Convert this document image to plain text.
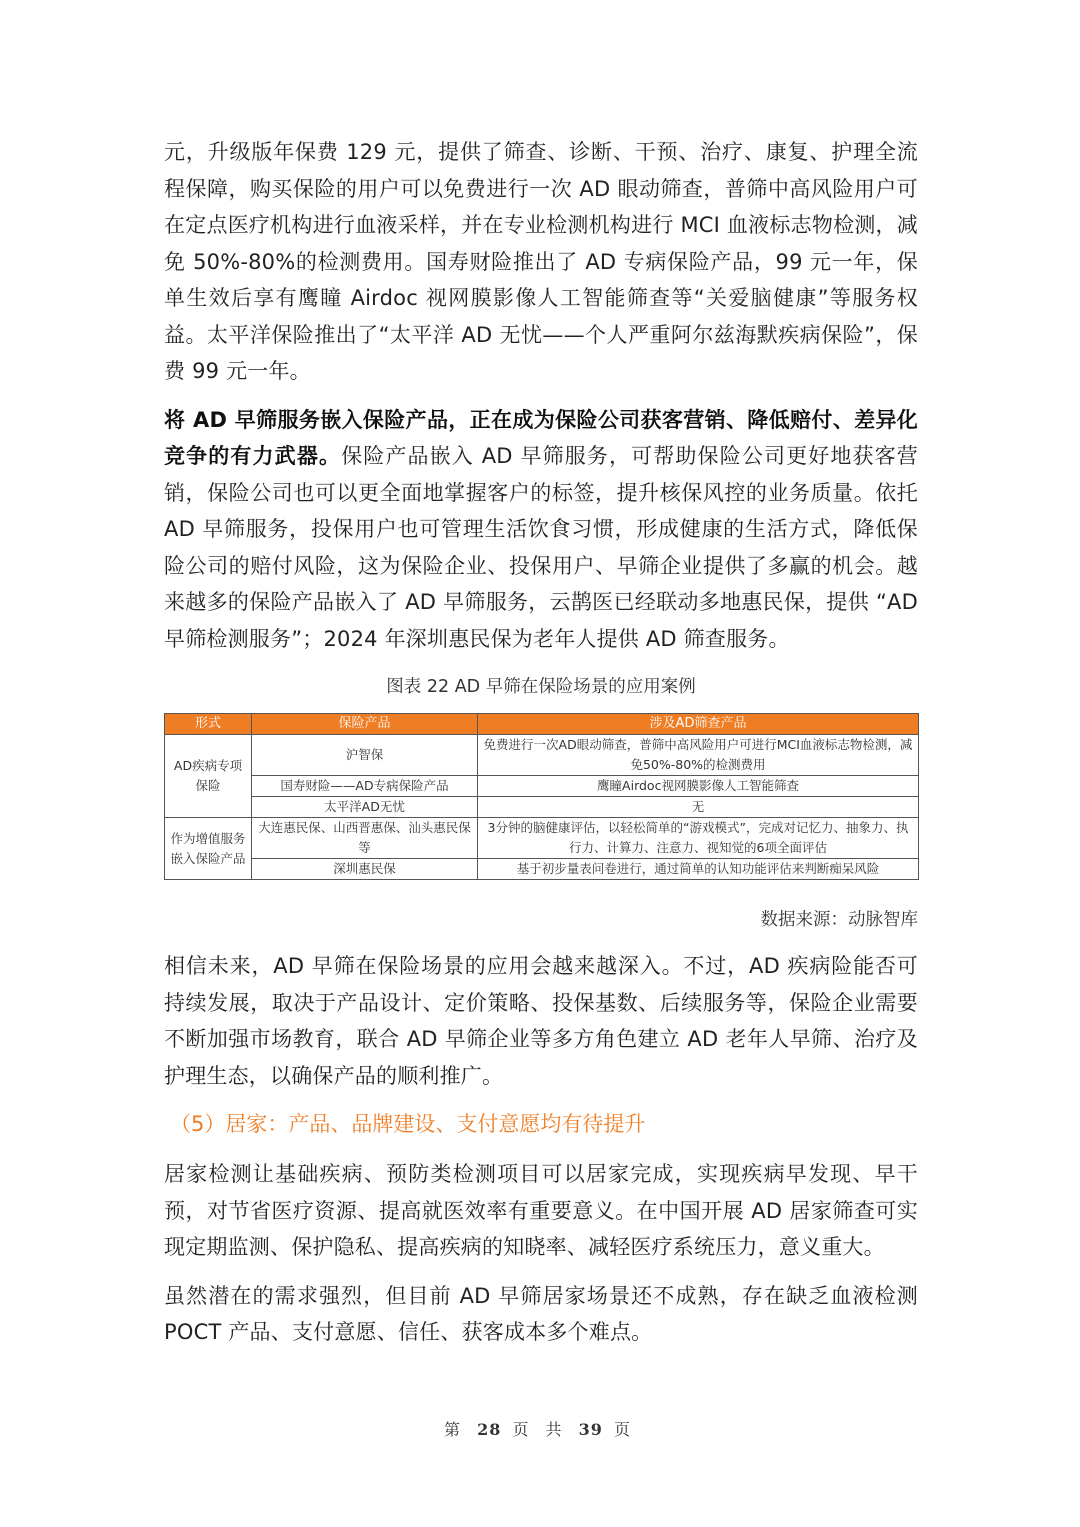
元，升级版年保费 129 元，提供了筛查、诊断、干预、治疗、康复、护理全流程保障，购买保险的用户可以免费进行一次 AD 眼动筛查，普筛中高风险用户可在定点医疗机构进行血液采样，并在专业检测机构进行 MCI 血液标志物检测，减免 50%-80%的检测费用。国寿财险推出了 AD 专病保险产品，99 元一年，保单生效后享有鹰瞳 Airdoc 视网膜影像人工智能筛查等“关爱脑健康”等服务权益。太平洋保险推出了“太平洋 AD 无忧——个人严重阿尔兹海默疾病保险”，保费 99 元一年。

将 AD 早筛服务嵌入保险产品，正在成为保险公司获客营销、降低赔付、差异化竞争的有力武器。保险产品嵌入 AD 早筛服务，可帮助保险公司更好地获客营销，保险公司也可以更全面地掌握客户的标签，提升核保风控的业务质量。依托 AD 早筛服务，投保用户也可管理生活饮食习惯，形成健康的生活方式，降低保险公司的赔付风险，这为保险企业、投保用户、早筛企业提供了多赢的机会。越来越多的保险产品嵌入了 AD 早筛服务，云鹊医已经联动多地惠民保，提供 “AD 早筛检测服务”；2024 年深圳惠民保为老年人提供 AD 筛查服务。

图表 22 AD 早筛在保险场景的应用案例
形式	保险产品	涉及AD筛查产品
AD疾病专项保险	沪智保	免费进行一次AD眼动筛查，普筛中高风险用户可进行MCI血液标志物检测，减免50%-80%的检测费用
	国寿财险——AD专病保险产品	鹰瞳Airdoc视网膜影像人工智能筛查
	太平洋AD无忧	无
作为增值服务嵌入保险产品	大连惠民保、山西晋惠保、汕头惠民保等	3分钟的脑健康评估，以轻松简单的“游戏模式”，完成对记忆力、抽象力、执行力、计算力、注意力、视知觉的6项全面评估
	深圳惠民保	基于初步量表问卷进行，通过简单的认知功能评估来判断痴呆风险
数据来源：动脉智库

相信未来，AD 早筛在保险场景的应用会越来越深入。不过，AD 疾病险能否可持续发展，取决于产品设计、定价策略、投保基数、后续服务等，保险企业需要不断加强市场教育，联合 AD 早筛企业等多方角色建立 AD 老年人早筛、治疗及护理生态，以确保产品的顺利推广。

（5）居家：产品、品牌建设、支付意愿均有待提升

居家检测让基础疾病、预防类检测项目可以居家完成，实现疾病早发现、早干预，对节省医疗资源、提高就医效率有重要意义。在中国开展 AD 居家筛查可实现定期监测、保护隐私、提高疾病的知晓率、减轻医疗系统压力，意义重大。

虽然潜在的需求强烈，但目前 AD 早筛居家场景还不成熟，存在缺乏血液检测 POCT 产品、支付意愿、信任、获客成本多个难点。

第 28 页 共 39 页
